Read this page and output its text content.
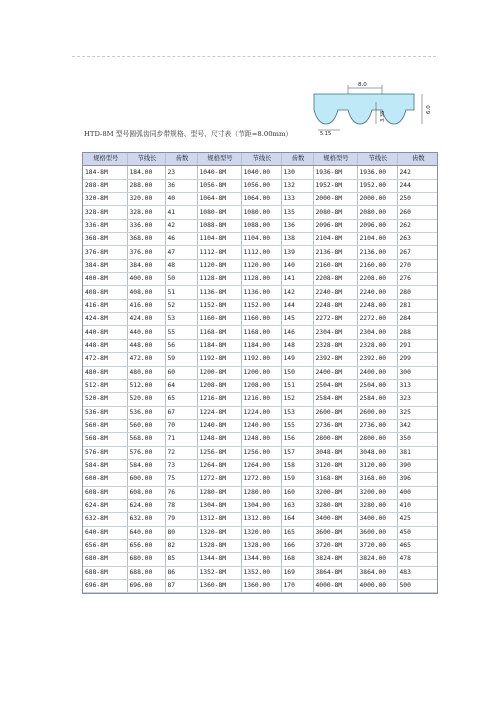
8.0
6.0
3.38
5.15
HTD-8M 型号圆弧齿同步带规格、型号、尺寸表（节距=8.00mm）
规格型号	节线长	齿数	规格型号	节线长	齿数	规格型号	节线长	齿数
184-8M	184.00	23	1040-8M	1040.00	130	1936-8M	1936.00	242
288-8M	288.00	36	1056-8M	1056.00	132	1952-8M	1952.00	244
320-8M	320.00	40	1064-8M	1064.00	133	2000-8M	2000.00	250
328-8M	328.00	41	1080-8M	1080.00	135	2080-8M	2080.00	260
336-8M	336.00	42	1088-8M	1088.00	136	2096-8M	2096.00	262
368-8M	368.00	46	1104-8M	1104.00	138	2104-8M	2104.00	263
376-8M	376.00	47	1112-8M	1112.00	139	2136-8M	2136.00	267
384-8M	384.00	48	1120-8M	1120.00	140	2160-8M	2160.00	270
400-8M	400.00	50	1128-8M	1128.00	141	2208-8M	2208.00	276
408-8M	408.00	51	1136-8M	1136.00	142	2240-8M	2240.00	280
416-8M	416.00	52	1152-8M	1152.00	144	2248-8M	2248.00	281
424-8M	424.00	53	1160-8M	1160.00	145	2272-8M	2272.00	284
440-8M	440.00	55	1168-8M	1168.00	146	2304-8M	2304.00	288
448-8M	448.00	56	1184-8M	1184.00	148	2328-8M	2328.00	291
472-8M	472.00	59	1192-8M	1192.00	149	2392-8M	2392.00	299
480-8M	480.00	60	1200-8M	1200.00	150	2400-8M	2400.00	300
512-8M	512.00	64	1208-8M	1208.00	151	2504-8M	2504.00	313
520-8M	520.00	65	1216-8M	1216.00	152	2584-8M	2584.00	323
536-8M	536.00	67	1224-8M	1224.00	153	2600-8M	2600.00	325
560-8M	560.00	70	1240-8M	1240.00	155	2736-8M	2736.00	342
568-8M	568.00	71	1248-8M	1248.00	156	2800-8M	2800.00	350
576-8M	576.00	72	1256-8M	1256.00	157	3048-8M	3048.00	381
584-8M	584.00	73	1264-8M	1264.00	158	3120-8M	3120.00	390
600-8M	600.00	75	1272-8M	1272.00	159	3168-8M	3168.00	396
608-8M	608.00	76	1280-8M	1280.00	160	3200-8M	3200.00	400
624-8M	624.00	78	1304-8M	1304.00	163	3280-8M	3280.00	410
632-8M	632.00	79	1312-8M	1312.00	164	3400-8M	3400.00	425
640-8M	640.00	80	1320-8M	1320.00	165	3600-8M	3600.00	450
656-8M	656.00	82	1328-8M	1328.00	166	3720-8M	3720.00	465
680-8M	680.00	85	1344-8M	1344.00	168	3824-8M	3824.00	478
688-8M	688.00	86	1352-8M	1352.00	169	3864-8M	3864.00	483
696-8M	696.00	87	1360-8M	1360.00	170	4000-8M	4000.00	500
